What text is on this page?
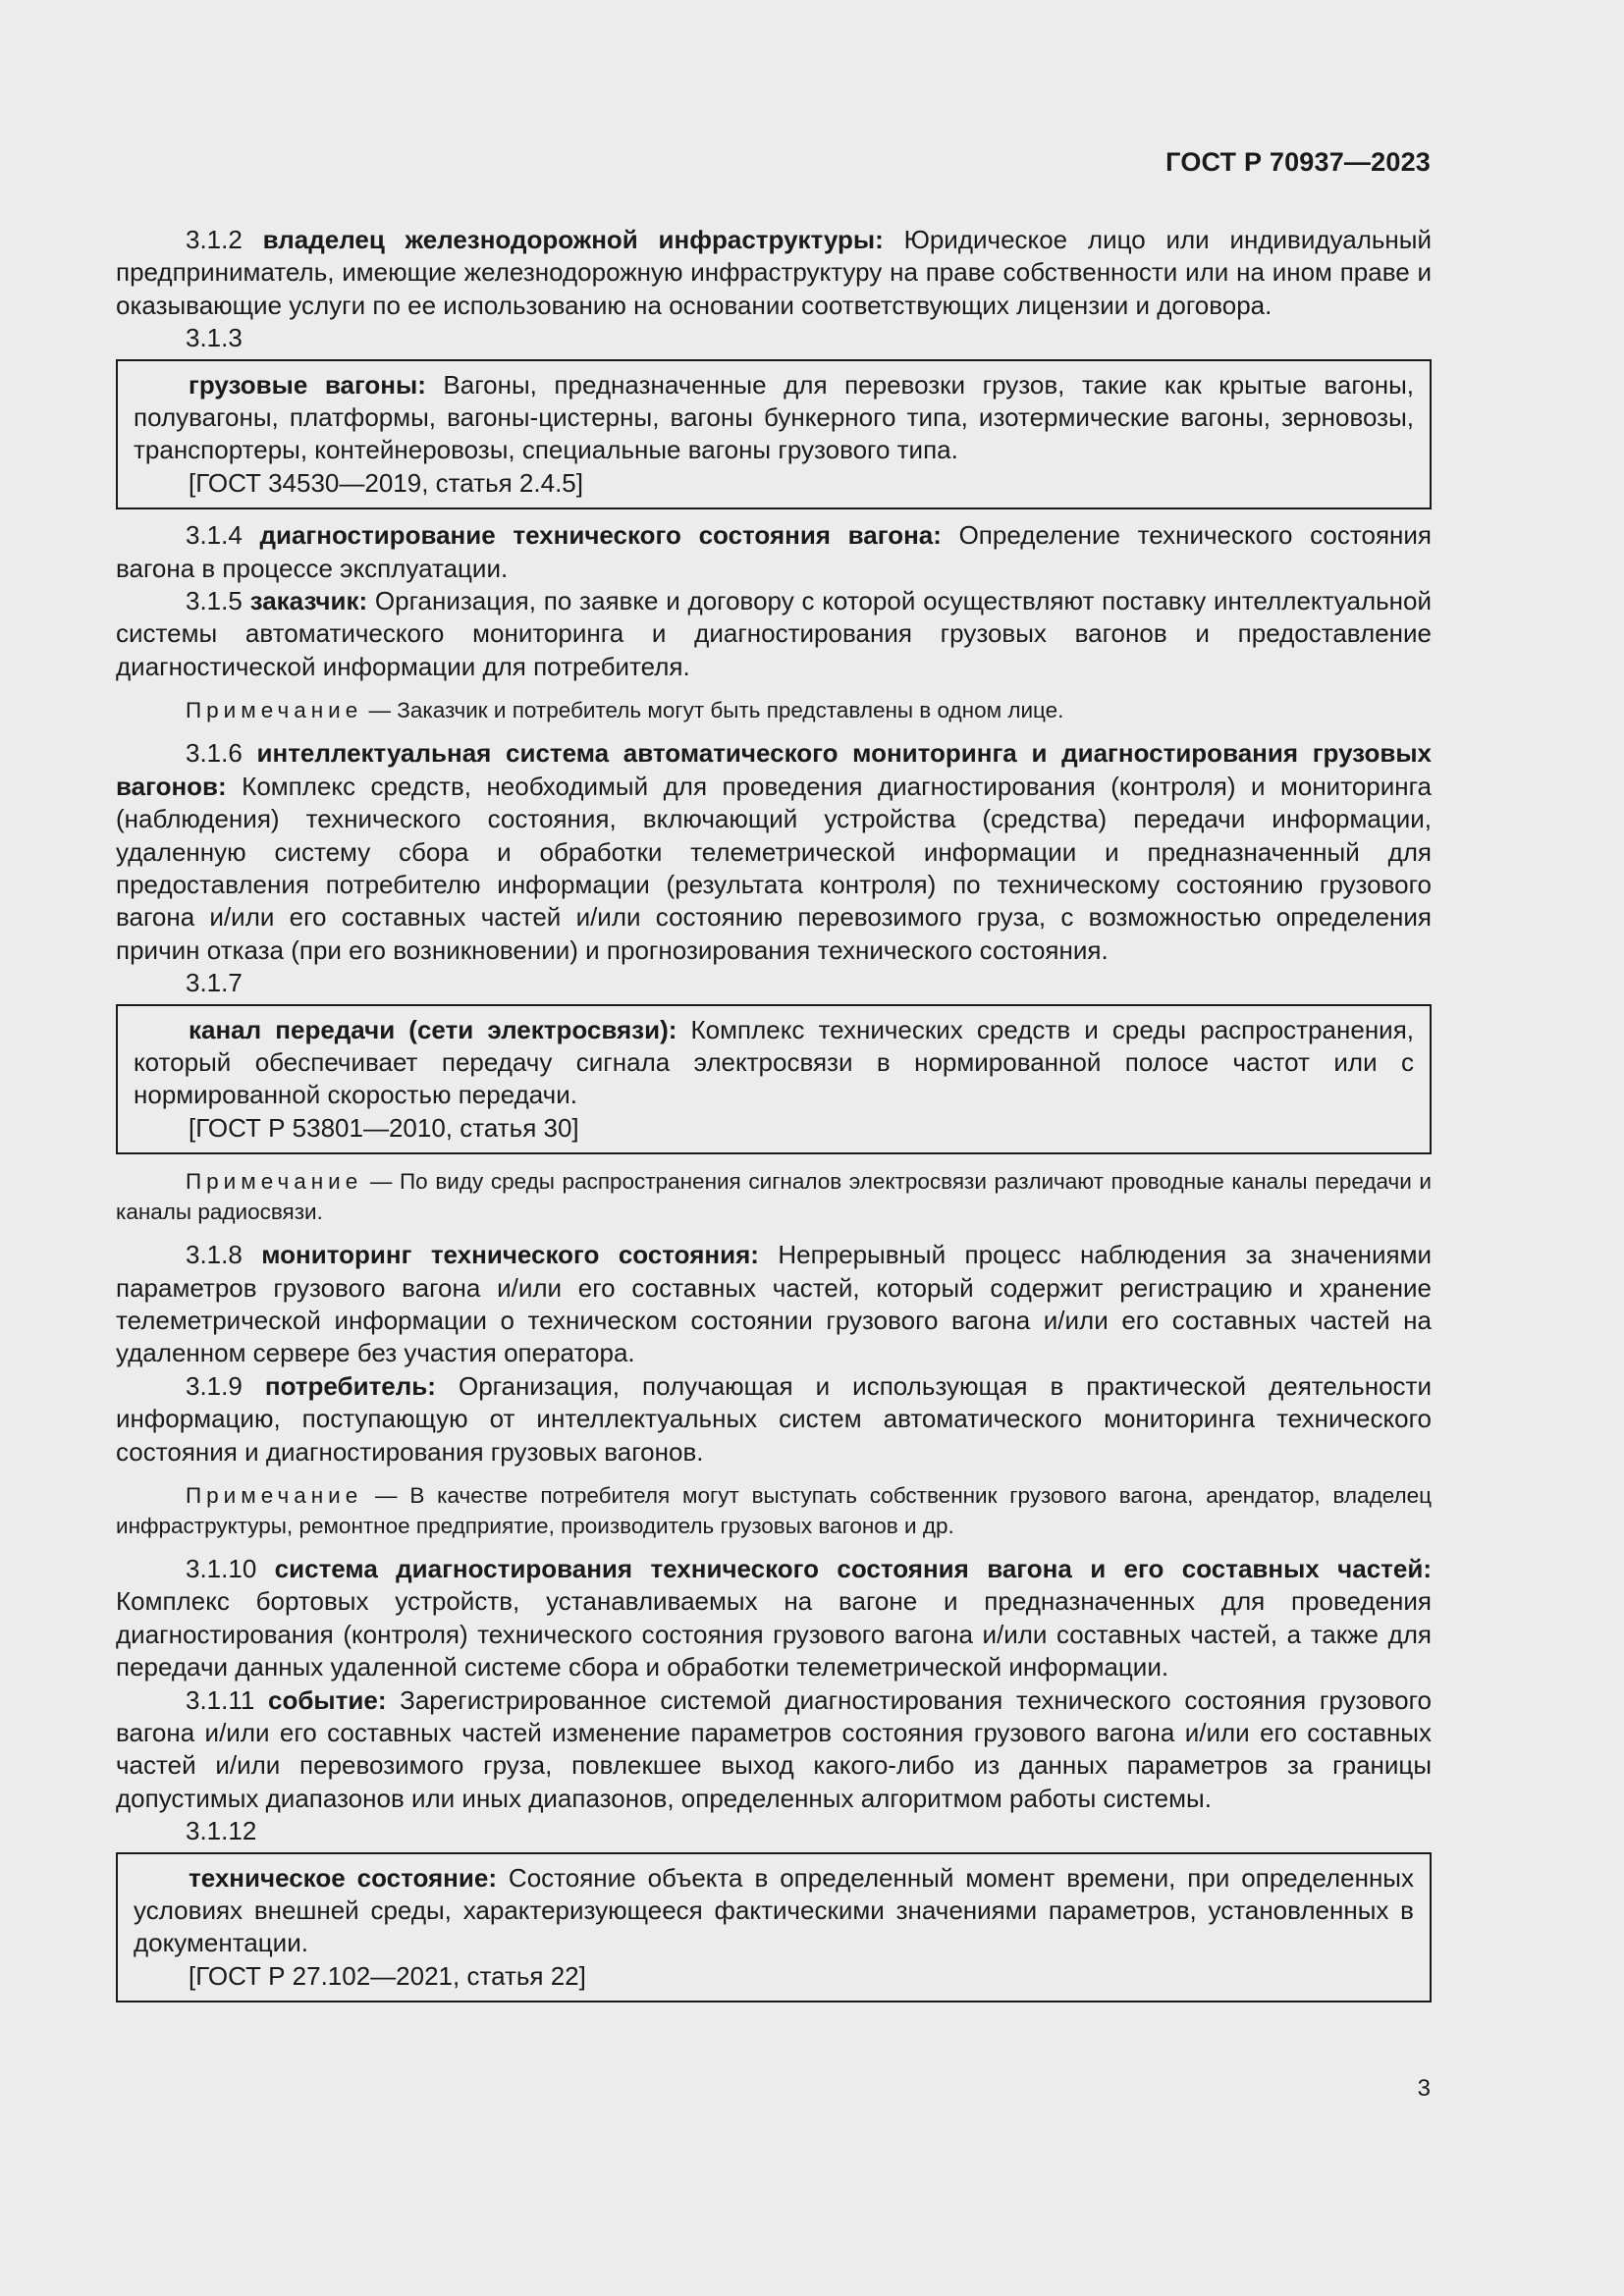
ГОСТ Р 70937—2023

3.1.2 владелец железнодорожной инфраструктуры: Юридическое лицо или индивидуальный предприниматель, имеющие железнодорожную инфраструктуру на праве собственности или на ином праве и оказывающие услуги по ее использованию на основании соответствующих лицензии и договора.

3.1.3

грузовые вагоны: Вагоны, предназначенные для перевозки грузов, такие как крытые вагоны, полувагоны, платформы, вагоны-цистерны, вагоны бункерного типа, изотермические вагоны, зерновозы, транспортеры, контейнеровозы, специальные вагоны грузового типа.

[ГОСТ 34530—2019, статья 2.4.5]

3.1.4 диагностирование технического состояния вагона: Определение технического состояния вагона в процессе эксплуатации.

3.1.5 заказчик: Организация, по заявке и договору с которой осуществляют поставку интеллектуальной системы автоматического мониторинга и диагностирования грузовых вагонов и предоставление диагностической информации для потребителя.

Примечание — Заказчик и потребитель могут быть представлены в одном лице.

3.1.6 интеллектуальная система автоматического мониторинга и диагностирования грузовых вагонов: Комплекс средств, необходимый для проведения диагностирования (контроля) и мониторинга (наблюдения) технического состояния, включающий устройства (средства) передачи информации, удаленную систему сбора и обработки телеметрической информации и предназначенный для предоставления потребителю информации (результата контроля) по техническому состоянию грузового вагона и/или его составных частей и/или состоянию перевозимого груза, с возможностью определения причин отказа (при его возникновении) и прогнозирования технического состояния.

3.1.7

канал передачи (сети электросвязи): Комплекс технических средств и среды распространения, который обеспечивает передачу сигнала электросвязи в нормированной полосе частот или с нормированной скоростью передачи.

[ГОСТ Р 53801—2010, статья 30]

Примечание — По виду среды распространения сигналов электросвязи различают проводные каналы передачи и каналы радиосвязи.

3.1.8 мониторинг технического состояния: Непрерывный процесс наблюдения за значениями параметров грузового вагона и/или его составных частей, который содержит регистрацию и хранение телеметрической информации о техническом состоянии грузового вагона и/или его составных частей на удаленном сервере без участия оператора.

3.1.9 потребитель: Организация, получающая и использующая в практической деятельности информацию, поступающую от интеллектуальных систем автоматического мониторинга технического состояния и диагностирования грузовых вагонов.

Примечание — В качестве потребителя могут выступать собственник грузового вагона, арендатор, владелец инфраструктуры, ремонтное предприятие, производитель грузовых вагонов и др.

3.1.10 система диагностирования технического состояния вагона и его составных частей: Комплекс бортовых устройств, устанавливаемых на вагоне и предназначенных для проведения диагностирования (контроля) технического состояния грузового вагона и/или составных частей, а также для передачи данных удаленной системе сбора и обработки телеметрической информации.

3.1.11 событие: Зарегистрированное системой диагностирования технического состояния грузового вагона и/или его составных частей изменение параметров состояния грузового вагона и/или его составных частей и/или перевозимого груза, повлекшее выход какого-либо из данных параметров за границы допустимых диапазонов или иных диапазонов, определенных алгоритмом работы системы.

3.1.12

техническое состояние: Состояние объекта в определенный момент времени, при определенных условиях внешней среды, характеризующееся фактическими значениями параметров, установленных в документации.

[ГОСТ Р 27.102—2021, статья 22]

3
